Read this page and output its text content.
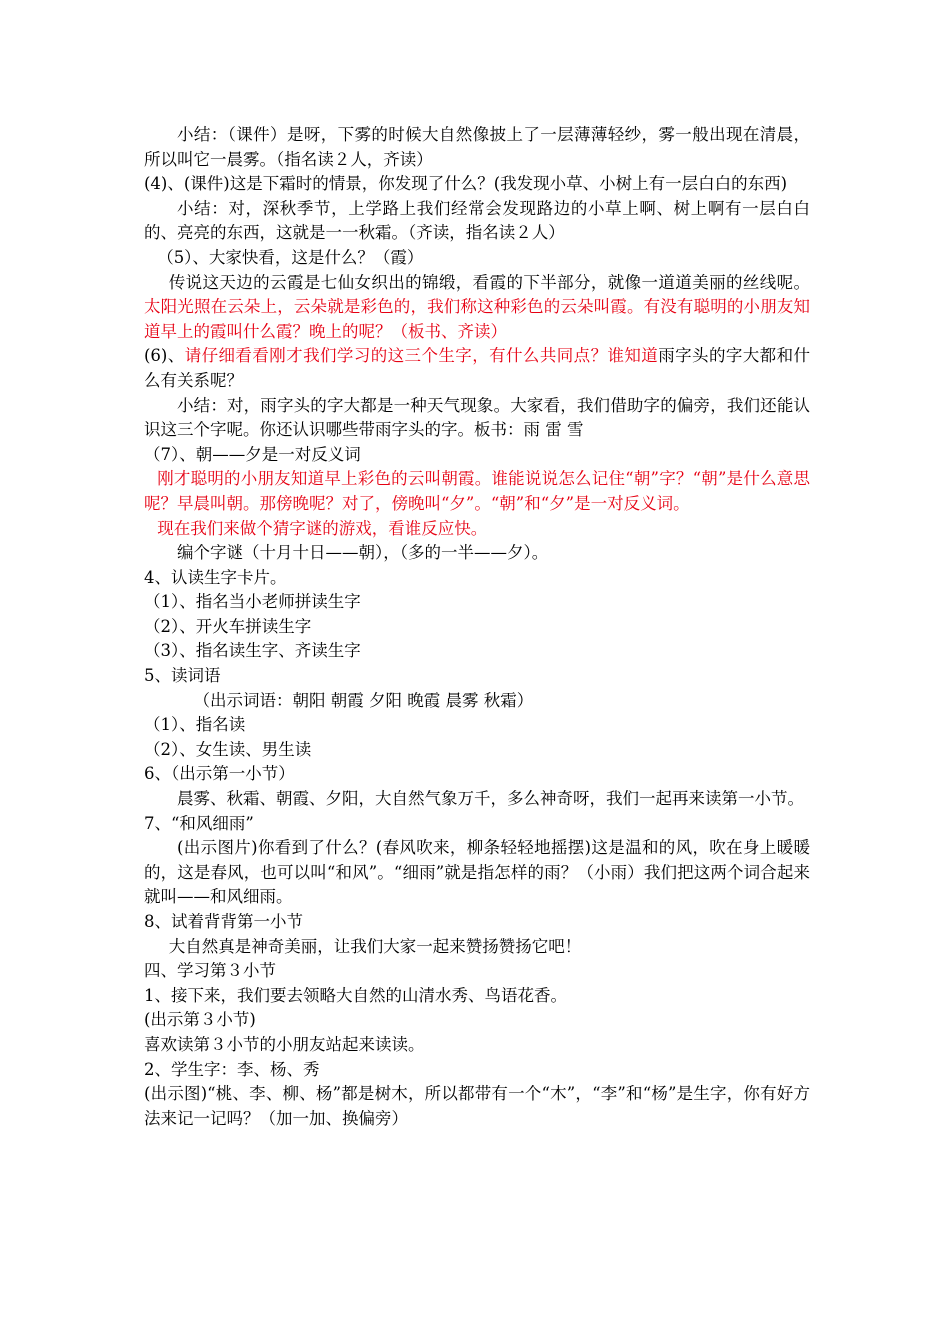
小结：（课件）是呀，下雾的时候大自然像披上了一层薄薄轻纱，雾一般出现在清晨，所以叫它一晨雾。（指名读２人，齐读）

(4)、(课件)这是下霜时的情景，你发现了什么？(我发现小草、小树上有一层白白的东西)

小结：对，深秋季节，上学路上我们经常会发现路边的小草上啊、树上啊有一层白白的、亮亮的东西，这就是一一秋霜。（齐读，指名读２人）

（5）、大家快看，这是什么？（霞）

传说这天边的云霞是七仙女织出的锦缎，看霞的下半部分，就像一道道美丽的丝线呢。太阳光照在云朵上，云朵就是彩色的，我们称这种彩色的云朵叫霞。有没有聪明的小朋友知道早上的霞叫什么霞？晚上的呢？（板书、齐读）

(6)、请仔细看看刚才我们学习的这三个生字，有什么共同点？谁知道雨字头的字大都和什么有关系呢？

小结：对，雨字头的字大都是一种天气现象。大家看，我们借助字的偏旁，我们还能认识这三个字呢。你还认识哪些带雨字头的字。板书：雨 雷 雪

（7）、朝——夕是一对反义词

刚才聪明的小朋友知道早上彩色的云叫朝霞。谁能说说怎么记住“朝”字？“朝”是什么意思呢？早晨叫朝。那傍晚呢？对了，傍晚叫“夕”。“朝”和“夕”是一对反义词。

现在我们来做个猜字谜的游戏，看谁反应快。

编个字谜（十月十日——朝），（多的一半——夕）。

4、认读生字卡片。

（1）、指名当小老师拼读生字

（2）、开火车拼读生字

（3）、指名读生字、齐读生字

5、读词语

（出示词语：朝阳 朝霞 夕阳 晚霞 晨雾 秋霜）

（1）、指名读

（2）、女生读、男生读

6、（出示第一小节）

晨雾、秋霜、朝霞、夕阳，大自然气象万千，多么神奇呀，我们一起再来读第一小节。

7、“和风细雨”

(出示图片)你看到了什么？(春风吹来，柳条轻轻地摇摆)这是温和的风，吹在身上暖暖的，这是春风，也可以叫“和风”。“细雨”就是指怎样的雨？（小雨）我们把这两个词合起来就叫——和风细雨。

8、试着背背第一小节

大自然真是神奇美丽，让我们大家一起来赞扬赞扬它吧！

四、学习第３小节

1、接下来，我们要去领略大自然的山清水秀、鸟语花香。

(出示第３小节)

喜欢读第３小节的小朋友站起来读读。

2、学生字：李、杨、秀

(出示图)“桃、李、柳、杨”都是树木，所以都带有一个“木”，“李”和“杨”是生字，你有好方法来记一记吗？（加一加、换偏旁）
